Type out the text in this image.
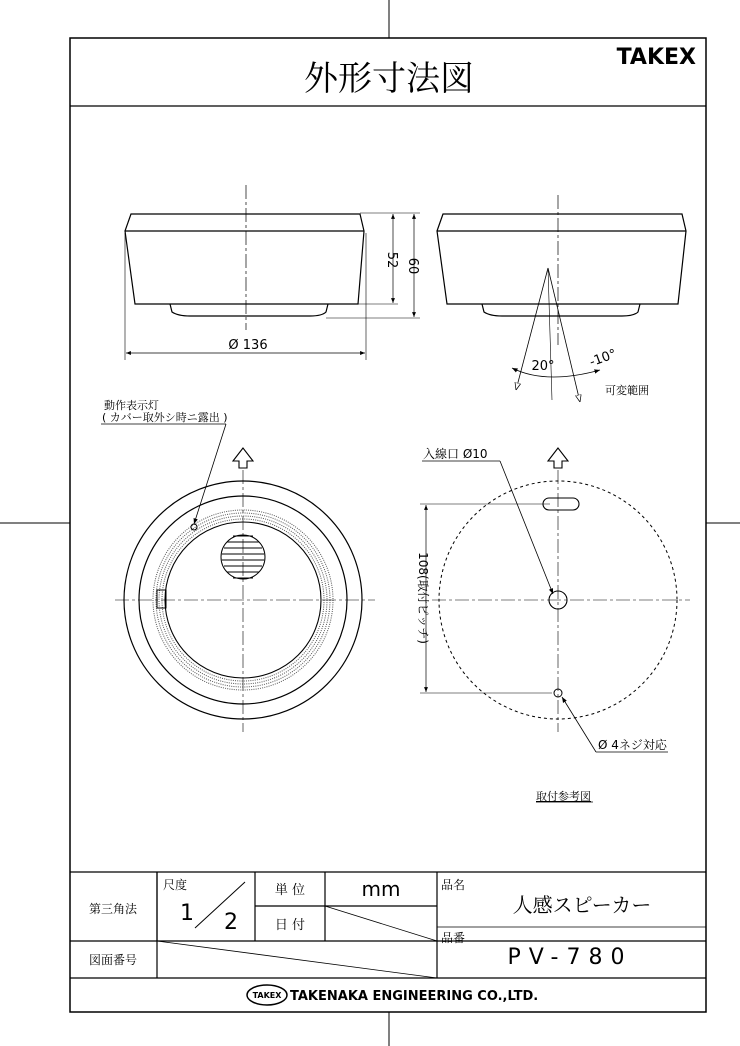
外形寸法図
TAKEX
52 60
Ø 136
20°	-10°
可変範囲
動作表示灯
( カバー取外シ時ニ露出 )
入線口 Ø10
108(取付ピッチ)
Ø 4ネジ対応
取付参考図
第三角法
尺度
1 2
単 位	mm
日 付
品名
人感スピーカー
品番
PV-780
図面番号
TAKEX TAKENAKA ENGINEERING CO.,LTD.
